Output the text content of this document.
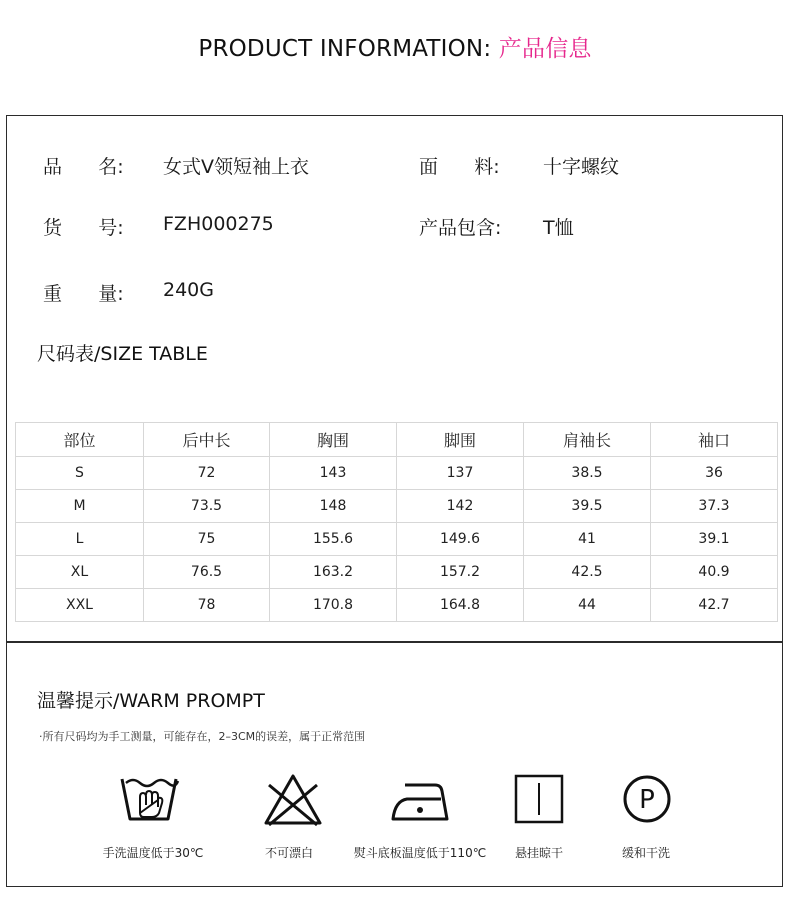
PRODUCT INFORMATION: 产品信息
品      名:	女式V领短袖上衣	面      料:	十字螺纹
货      号:	FZH000275	产品包含:	T恤
重      量:	240G
尺码表/SIZE TABLE
部位	后中长	胸围	脚围	肩袖长	袖口
S	72	143	137	38.5	36
M	73.5	148	142	39.5	37.3
L	75	155.6	149.6	41	39.1
XL	76.5	163.2	157.2	42.5	40.9
XXL	78	170.8	164.8	44	42.7
温馨提示/WARM PROMPT
·所有尺码均为手工测量，可能存在，2–3CM的误差，属于正常范围
P
手洗温度低于30℃	不可漂白	熨斗底板温度低于110℃	悬挂晾干	缓和干洗
